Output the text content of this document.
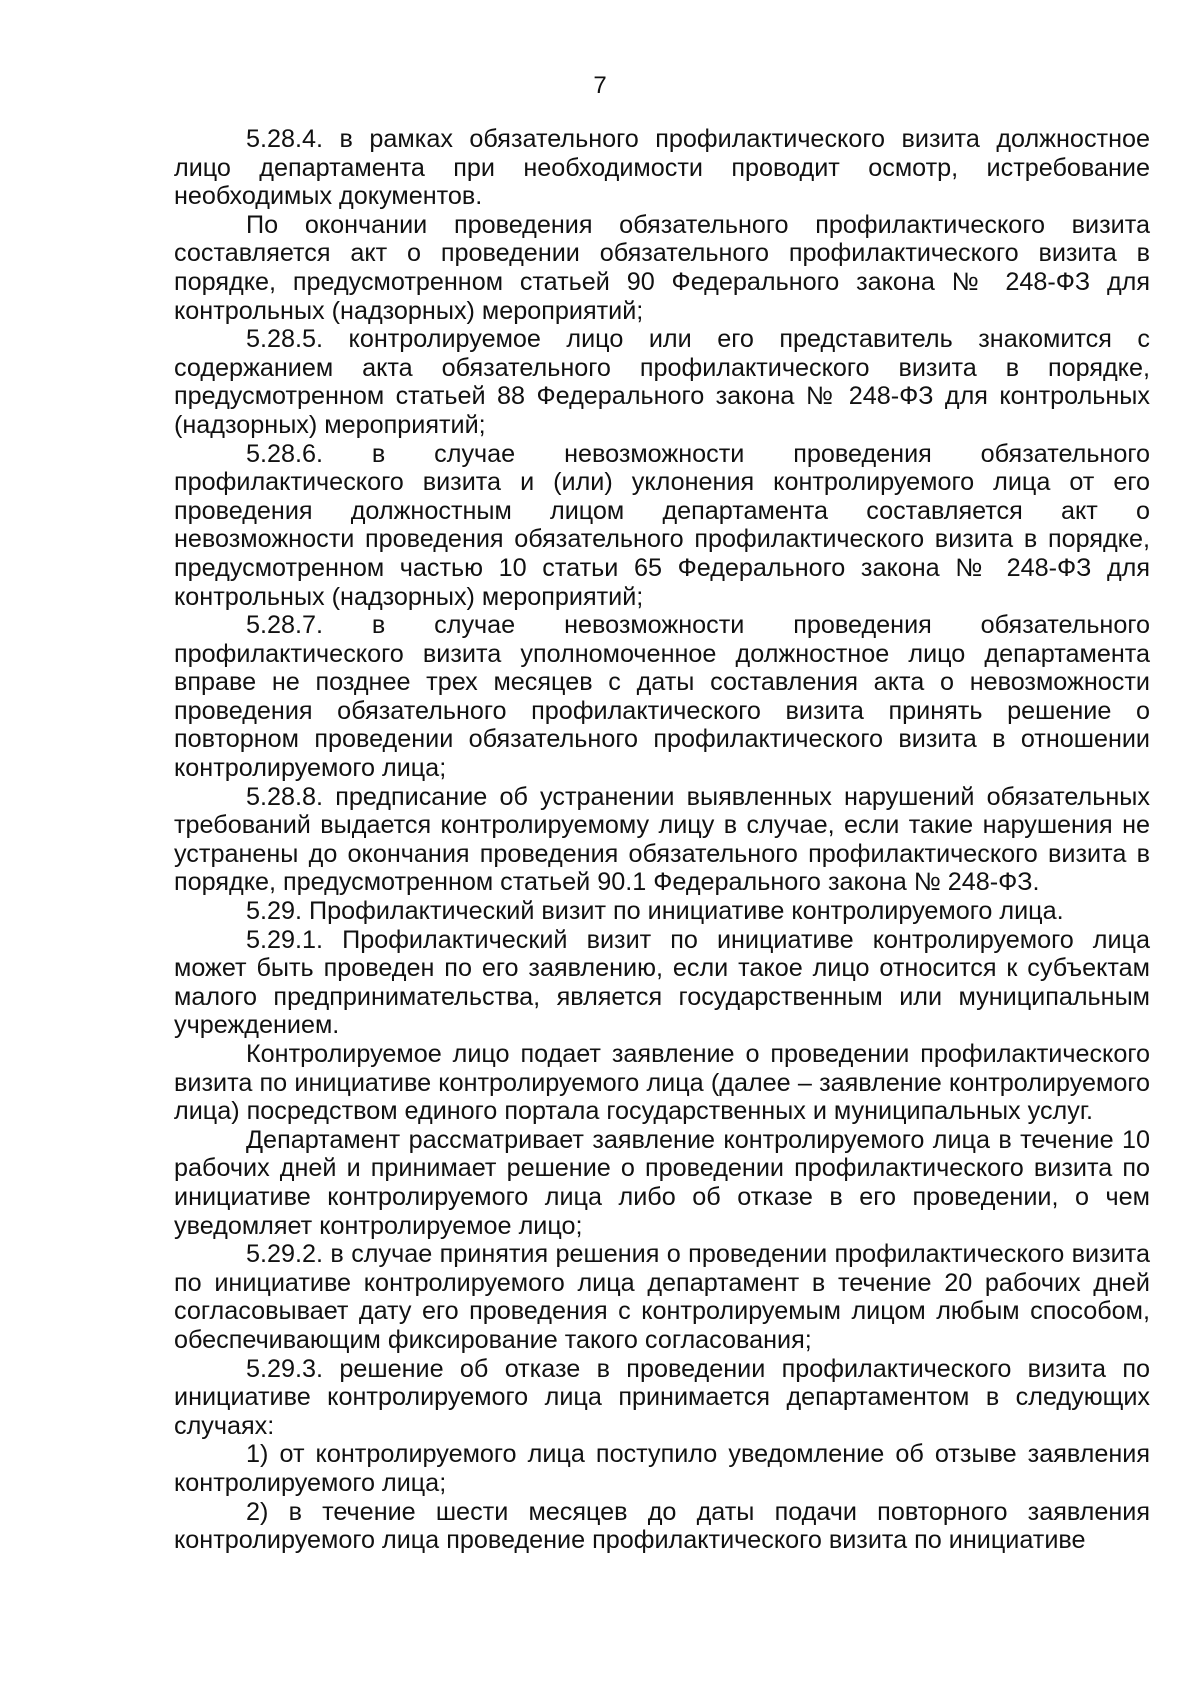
7

5.28.4. в рамках обязательного профилактического визита должностное лицо департамента при необходимости проводит осмотр, истребование необходимых документов.

По окончании проведения обязательного профилактического визита составляется акт о проведении обязательного профилактического визита в порядке, предусмотренном статьей 90 Федерального закона № 248-ФЗ для контрольных (надзорных) мероприятий;

5.28.5. контролируемое лицо или его представитель знакомится с содержанием акта обязательного профилактического визита в порядке, предусмотренном статьей 88 Федерального закона № 248-ФЗ для контрольных (надзорных) мероприятий;

5.28.6. в случае невозможности проведения обязательного профилактического визита и (или) уклонения контролируемого лица от его проведения должностным лицом департамента составляется акт о невозможности проведения обязательного профилактического визита в порядке, предусмотренном частью 10 статьи 65 Федерального закона № 248-ФЗ для контрольных (надзорных) мероприятий;

5.28.7. в случае невозможности проведения обязательного профилактического визита уполномоченное должностное лицо департамента вправе не позднее трех месяцев с даты составления акта о невозможности проведения обязательного профилактического визита принять решение о повторном проведении обязательного профилактического визита в отношении контролируемого лица;

5.28.8. предписание об устранении выявленных нарушений обязательных требований выдается контролируемому лицу в случае, если такие нарушения не устранены до окончания проведения обязательного профилактического визита в порядке, предусмотренном статьей 90.1 Федерального закона № 248-ФЗ.

5.29. Профилактический визит по инициативе контролируемого лица.

5.29.1. Профилактический визит по инициативе контролируемого лица может быть проведен по его заявлению, если такое лицо относится к субъектам малого предпринимательства, является государственным или муниципальным учреждением.

Контролируемое лицо подает заявление о проведении профилактического визита по инициативе контролируемого лица (далее – заявление контролируемого лица) посредством единого портала государственных и муниципальных услуг.

Департамент рассматривает заявление контролируемого лица в течение 10 рабочих дней и принимает решение о проведении профилактического визита по инициативе контролируемого лица либо об отказе в его проведении, о чем уведомляет контролируемое лицо;

5.29.2. в случае принятия решения о проведении профилактического визита по инициативе контролируемого лица департамент в течение 20 рабочих дней согласовывает дату его проведения с контролируемым лицом любым способом, обеспечивающим фиксирование такого согласования;

5.29.3. решение об отказе в проведении профилактического визита по инициативе контролируемого лица принимается департаментом в следующих случаях:

1) от контролируемого лица поступило уведомление об отзыве заявления контролируемого лица;

2) в течение шести месяцев до даты подачи повторного заявления контролируемого лица проведение профилактического визита по инициативе
